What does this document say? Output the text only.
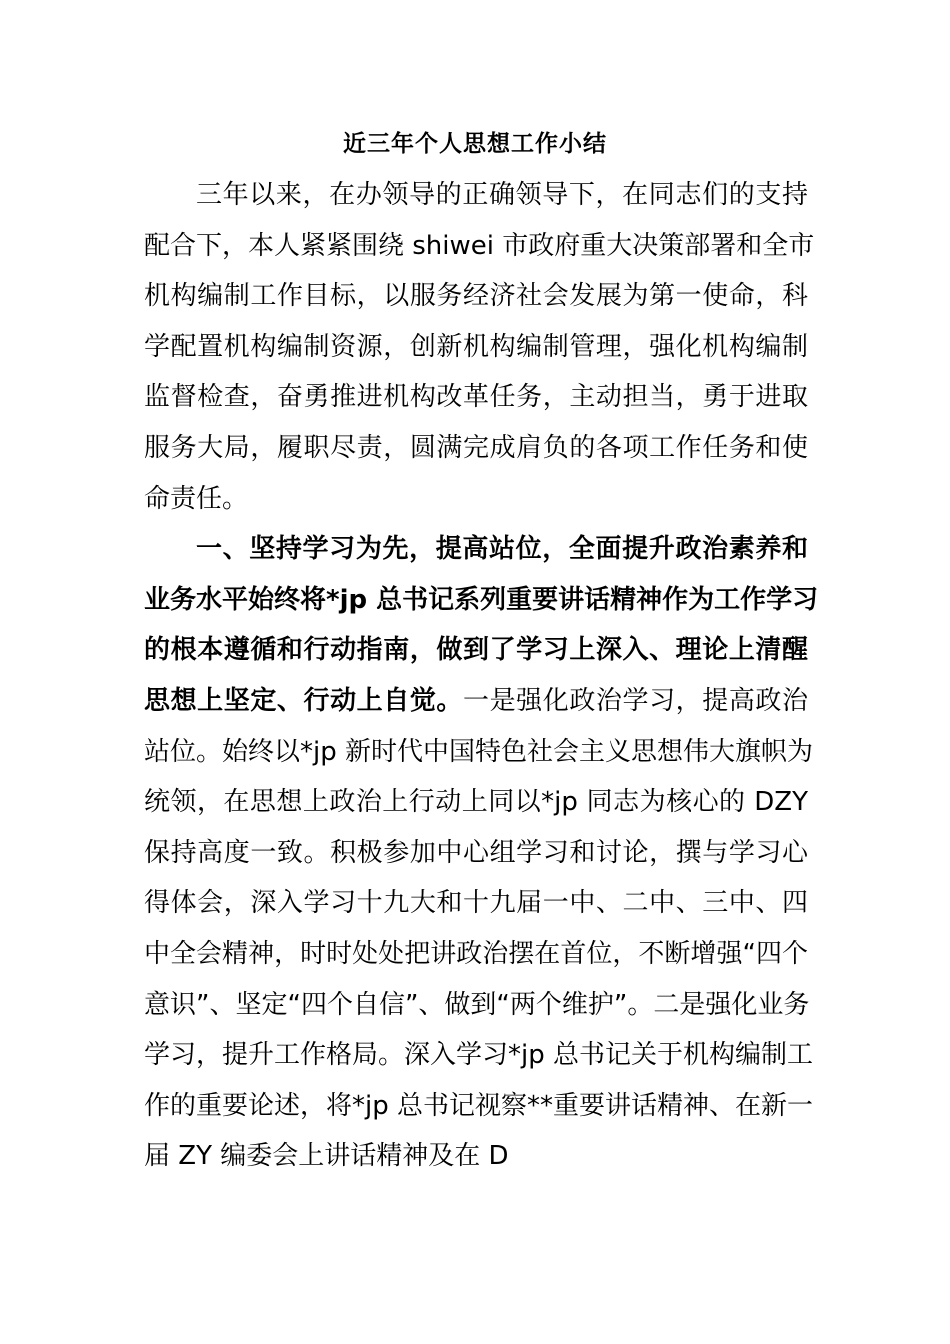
近三年个人思想工作小结
三年以来，在办领导的正确领导下，在同志们的支持
配合下，本人紧紧围绕 shiwei 市政府重大决策部署和全市
机构编制工作目标，以服务经济社会发展为第一使命，科
学配置机构编制资源，创新机构编制管理，强化机构编制
监督检查，奋勇推进机构改革任务，主动担当，勇于进取
服务大局，履职尽责，圆满完成肩负的各项工作任务和使
命责任。
一、坚持学习为先，提高站位，全面提升政治素养和
业务水平始终将*jp 总书记系列重要讲话精神作为工作学习
的根本遵循和行动指南，做到了学习上深入、理论上清醒
思想上坚定、行动上自觉。一是强化政治学习，提高政治
站位。始终以*jp 新时代中国特色社会主义思想伟大旗帜为
统领，在思想上政治上行动上同以*jp 同志为核心的 DZY
保持高度一致。积极参加中心组学习和讨论，撰与学习心
得体会，深入学习十九大和十九届一中、二中、三中、四
中全会精神，时时处处把讲政治摆在首位，不断增强“四个
意识”、坚定“四个自信”、做到“两个维护”。二是强化业务
学习，提升工作格局。深入学习*jp 总书记关于机构编制工
作的重要论述，将*jp 总书记视察**重要讲话精神、在新一
届 ZY 编委会上讲话精神及在 D
